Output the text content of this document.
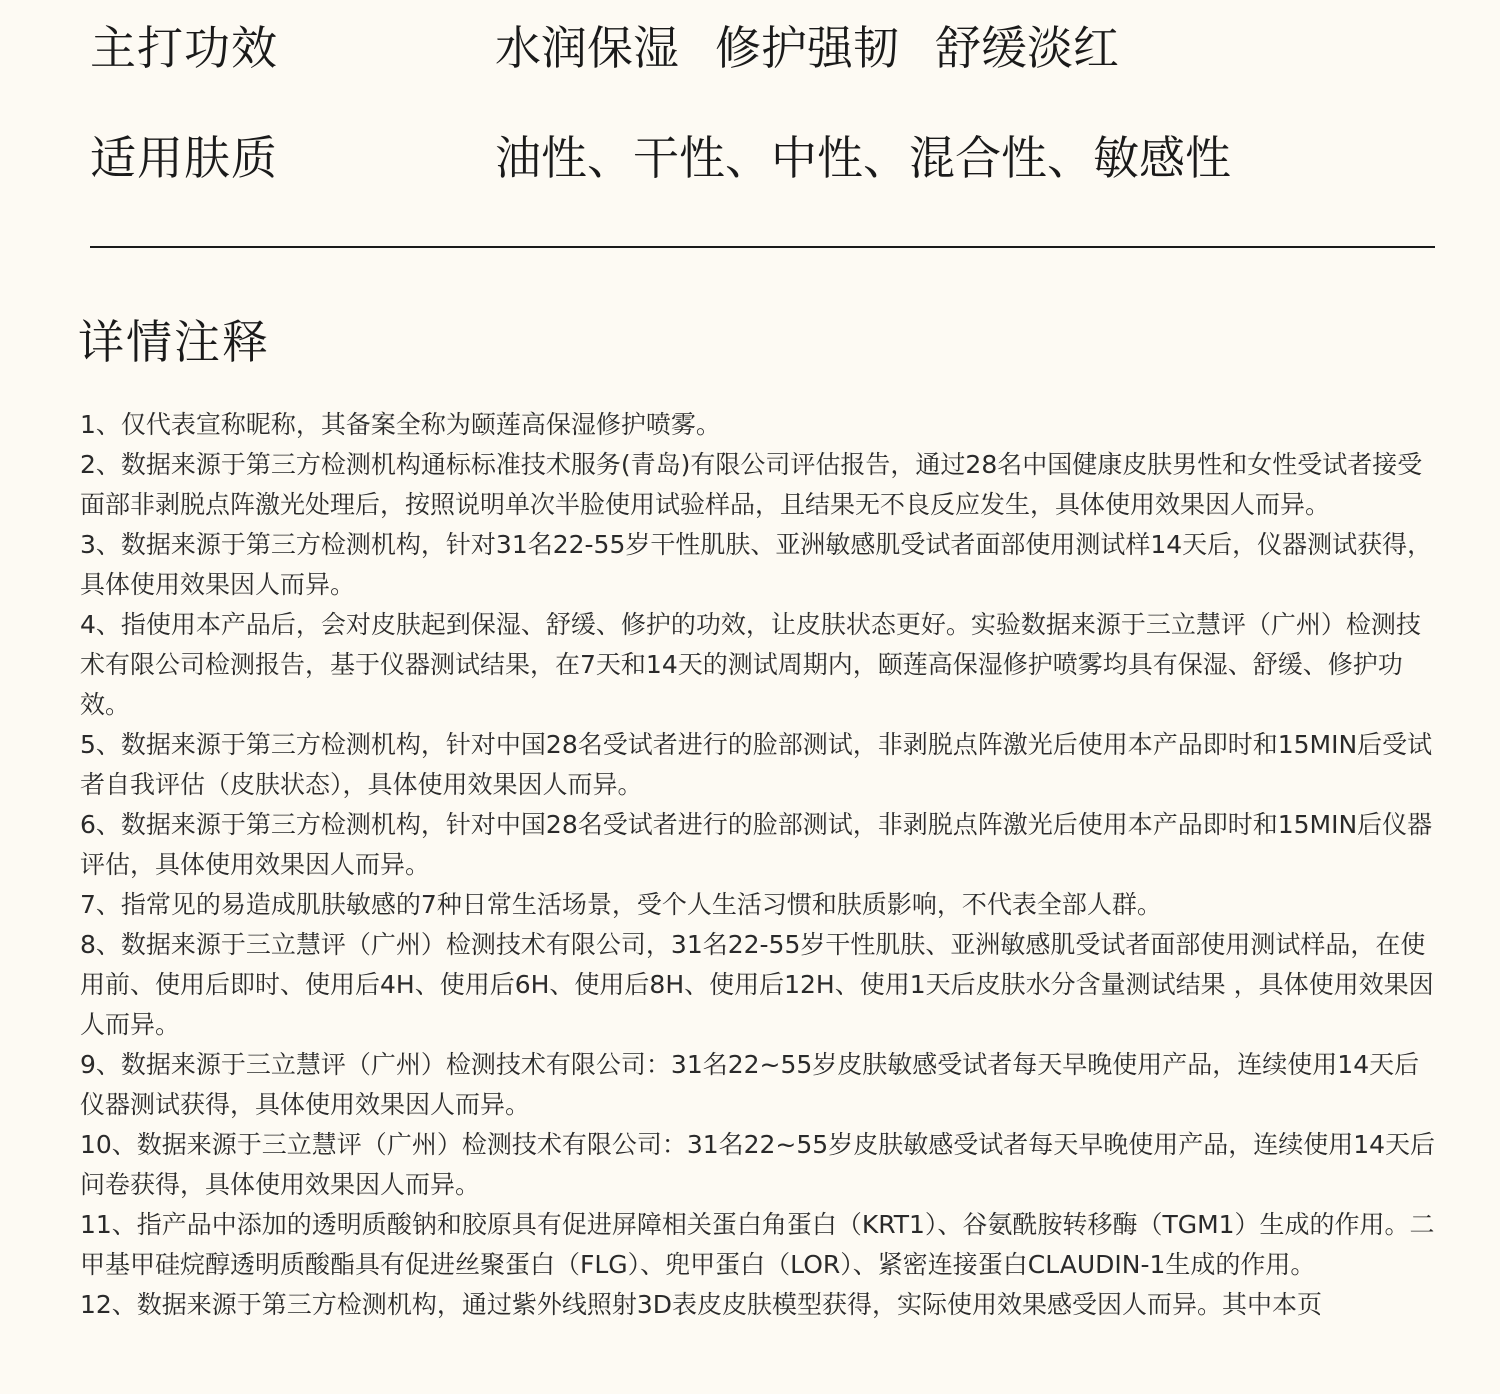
主打功效	水润保湿 修护强韧 舒缓淡红
适用肤质	油性、干性、中性、混合性、敏感性
详情注释
1、仅代表宣称昵称，其备案全称为颐莲高保湿修护喷雾。
2、数据来源于第三方检测机构通标标准技术服务(青岛)有限公司评估报告，通过28名中国健康皮肤男性和女性受试者接受面部非剥脱点阵激光处理后，按照说明单次半脸使用试验样品，且结果无不良反应发生，具体使用效果因人而异。
3、数据来源于第三方检测机构，针对31名22-55岁干性肌肤、亚洲敏感肌受试者面部使用测试样14天后，仪器测试获得，具体使用效果因人而异。
4、指使用本产品后，会对皮肤起到保湿、舒缓、修护的功效，让皮肤状态更好。实验数据来源于三立慧评（广州）检测技术有限公司检测报告，基于仪器测试结果，在7天和14天的测试周期内，颐莲高保湿修护喷雾均具有保湿、舒缓、修护功效。
5、数据来源于第三方检测机构，针对中国28名受试者进行的脸部测试，非剥脱点阵激光后使用本产品即时和15MIN后受试者自我评估（皮肤状态），具体使用效果因人而异。
6、数据来源于第三方检测机构，针对中国28名受试者进行的脸部测试，非剥脱点阵激光后使用本产品即时和15MIN后仪器评估，具体使用效果因人而异。
7、指常见的易造成肌肤敏感的7种日常生活场景，受个人生活习惯和肤质影响，不代表全部人群。
8、数据来源于三立慧评（广州）检测技术有限公司，31名22-55岁干性肌肤、亚洲敏感肌受试者面部使用测试样品，在使用前、使用后即时、使用后4H、使用后6H、使用后8H、使用后12H、使用1天后皮肤水分含量测试结果 ，具体使用效果因人而异。
9、数据来源于三立慧评（广州）检测技术有限公司：31名22~55岁皮肤敏感受试者每天早晚使用产品，连续使用14天后仪器测试获得，具体使用效果因人而异。
10、数据来源于三立慧评（广州）检测技术有限公司：31名22~55岁皮肤敏感受试者每天早晚使用产品，连续使用14天后问卷获得，具体使用效果因人而异。
11、指产品中添加的透明质酸钠和胶原具有促进屏障相关蛋白角蛋白（KRT1）、谷氨酰胺转移酶（TGM1）生成的作用。二甲基甲硅烷醇透明质酸酯具有促进丝聚蛋白（FLG）、兜甲蛋白（LOR）、紧密连接蛋白CLAUDIN-1生成的作用。
12、数据来源于第三方检测机构，通过紫外线照射3D表皮皮肤模型获得，实际使用效果感受因人而异。其中本页
